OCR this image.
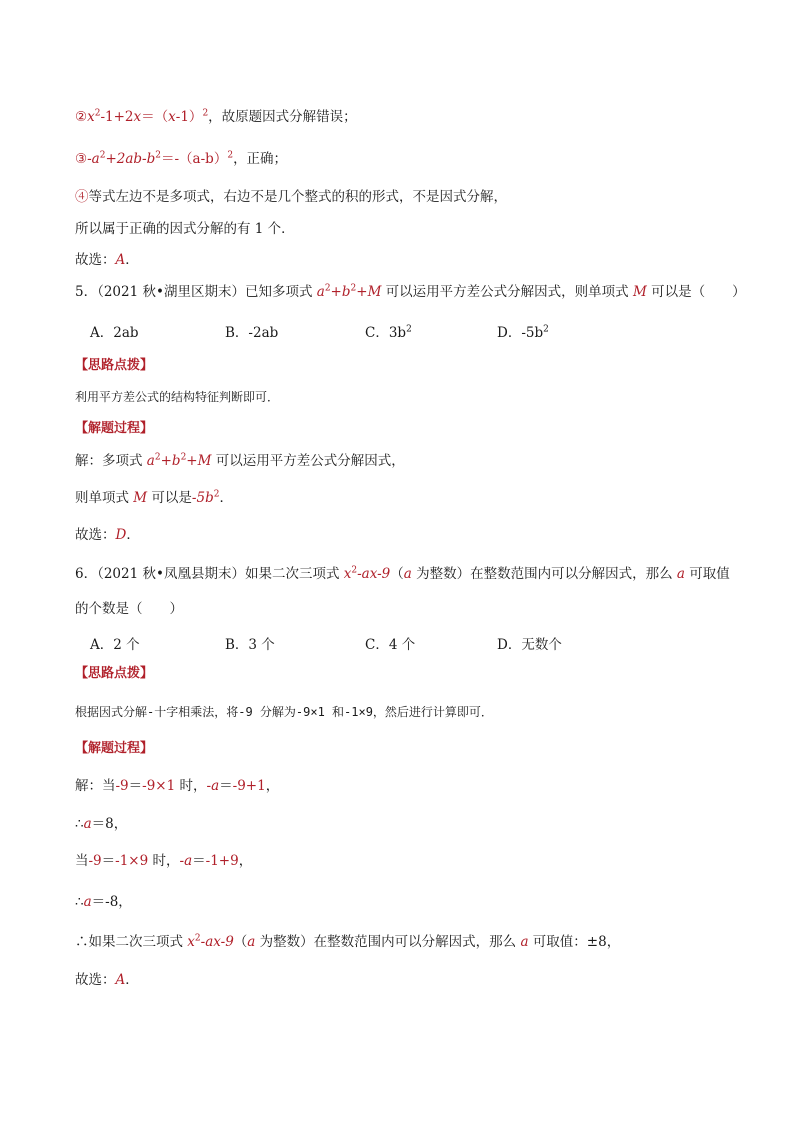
$②x^2-1+2x=(x-1)^2$，故原题因式分解错误；
$③-a^2+2ab-b^2=-(a-b)^2$，正确；
④等式左边不是多项式，右边不是几个整式的积的形式，不是因式分解，
所以属于正确的因式分解的有 1 个．
故选：A．
5．（2021 秋•湖里区期末）已知多项式 $a^2+b^2+M$ 可以运用平方差公式分解因式，则单项式 M 可以是（　　）
A．2ab	B．-2ab	C．$3b^2$	D．$-5b^2$
【思路点拨】
利用平方差公式的结构特征判断即可．
【解题过程】
解：多项式 $a^2+b^2+M$ 可以运用平方差公式分解因式，
则单项式 M 可以是$-5b^2$．
故选：D．
6．（2021 秋•凤凰县期末）如果二次三项式 $x^2-ax-9(a$ 为整数）在整数范围内可以分解因式，那么 a 可取值
的个数是（　　）
A．2 个	B．3 个	C．4 个	D．无数个
【思路点拨】
根据因式分解-十字相乘法，将-9 分解为-9×1 和-1×9，然后进行计算即可．
【解题过程】
解：当-9＝-9×1 时，-a＝-9+1，
∴a＝8，
当-9＝-1×9 时，-a＝-1+9，
∴a＝-8，
∴如果二次三项式 $x^2-ax-9(a$ 为整数）在整数范围内可以分解因式，那么 a 可取值：±8，
故选：A．
